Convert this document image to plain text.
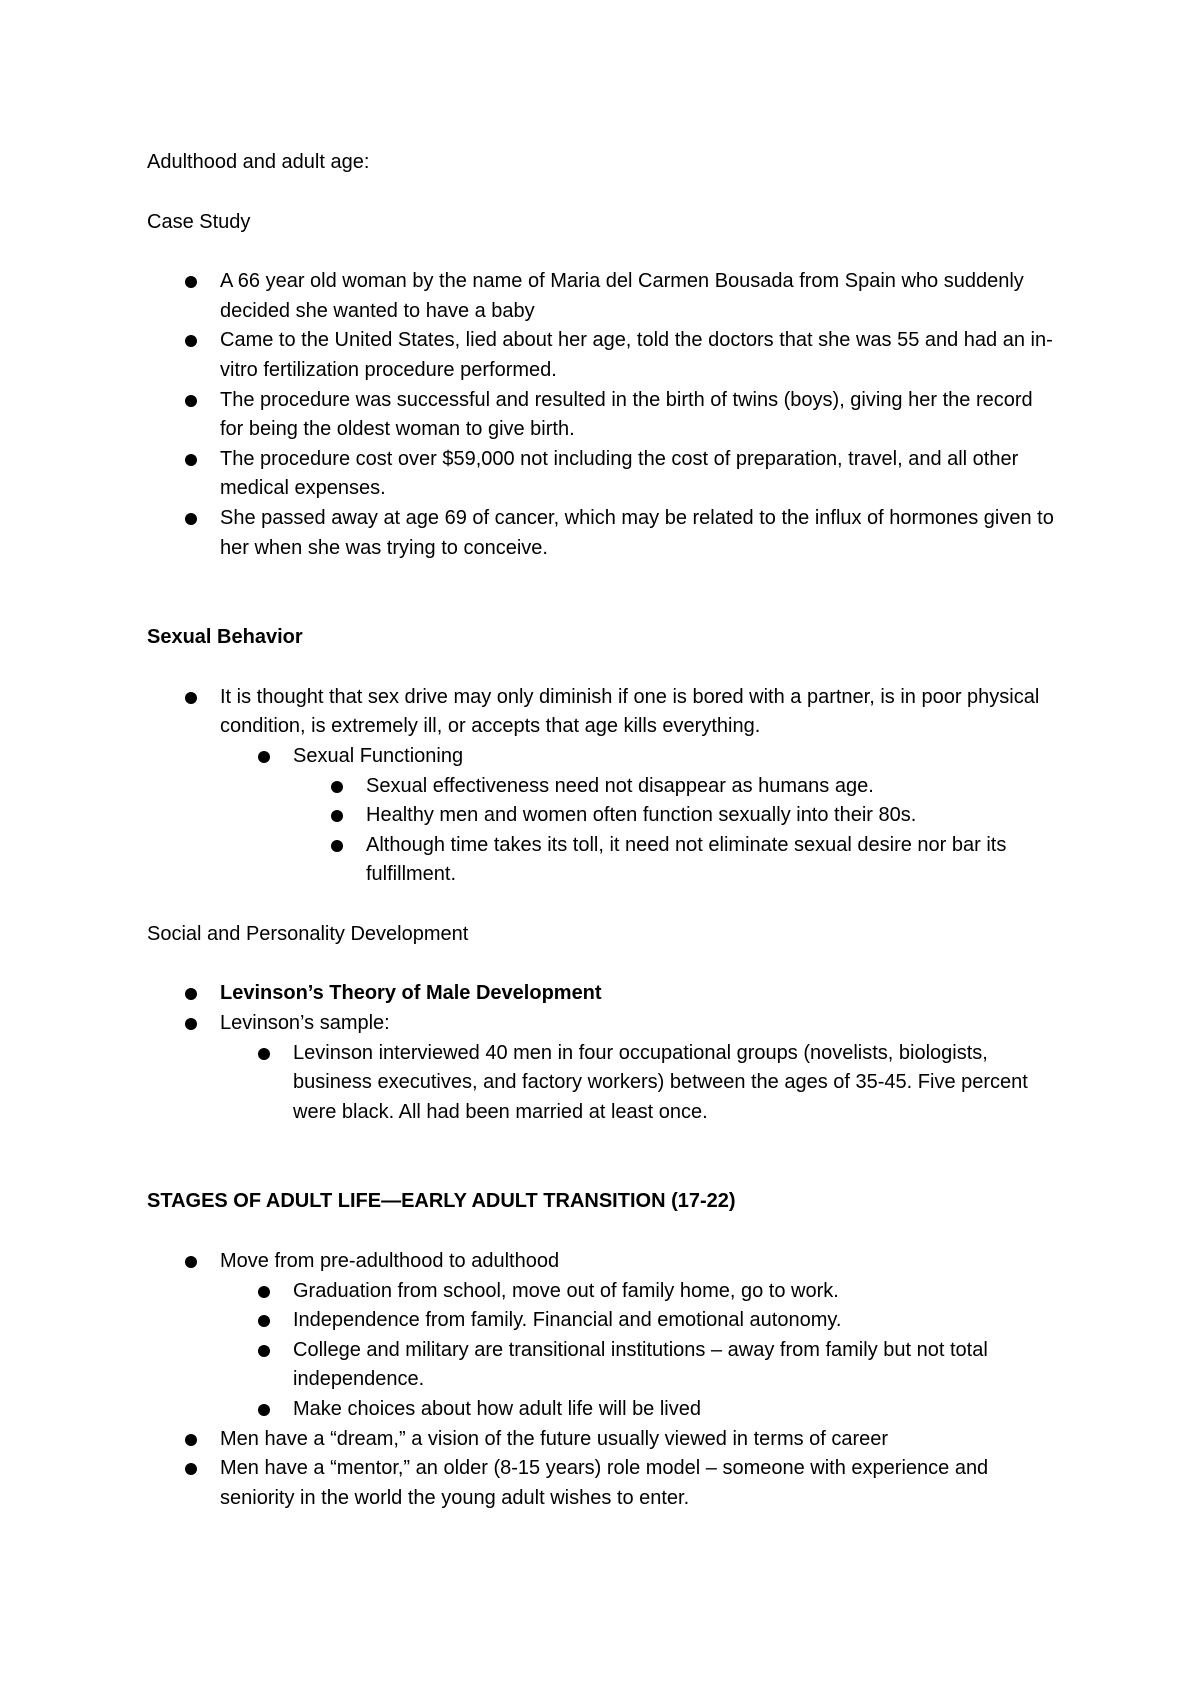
Adulthood and adult age:

Case Study

A 66 year old woman by the name of Maria del Carmen Bousada from Spain who suddenly decided she wanted to have a baby
Came to the United States, lied about her age, told the doctors that she was 55 and had an in-vitro fertilization procedure performed.
The procedure was successful and resulted in the birth of twins (boys), giving her the record for being the oldest woman to give birth.
The procedure cost over $59,000 not including the cost of preparation, travel, and all other medical expenses.
She passed away at age 69 of cancer, which may be related to the influx of hormones given to her when she was trying to conceive.

Sexual Behavior

It is thought that sex drive may only diminish if one is bored with a partner, is in poor physical condition, is extremely ill, or accepts that age kills everything.
Sexual Functioning
Sexual effectiveness need not disappear as humans age.
Healthy men and women often function sexually into their 80s.
Although time takes its toll, it need not eliminate sexual desire nor bar its fulfillment.

Social and Personality Development

Levinson’s Theory of Male Development
Levinson’s sample:
Levinson interviewed 40 men in four occupational groups (novelists, biologists, business executives, and factory workers) between the ages of 35-45. Five percent were black. All had been married at least once.

STAGES OF ADULT LIFE—EARLY ADULT TRANSITION (17-22)

Move from pre-adulthood to adulthood
Graduation from school, move out of family home, go to work.
Independence from family. Financial and emotional autonomy.
College and military are transitional institutions – away from family but not total independence.
Make choices about how adult life will be lived
Men have a “dream,” a vision of the future usually viewed in terms of career
Men have a “mentor,” an older (8-15 years) role model – someone with experience and seniority in the world the young adult wishes to enter.
